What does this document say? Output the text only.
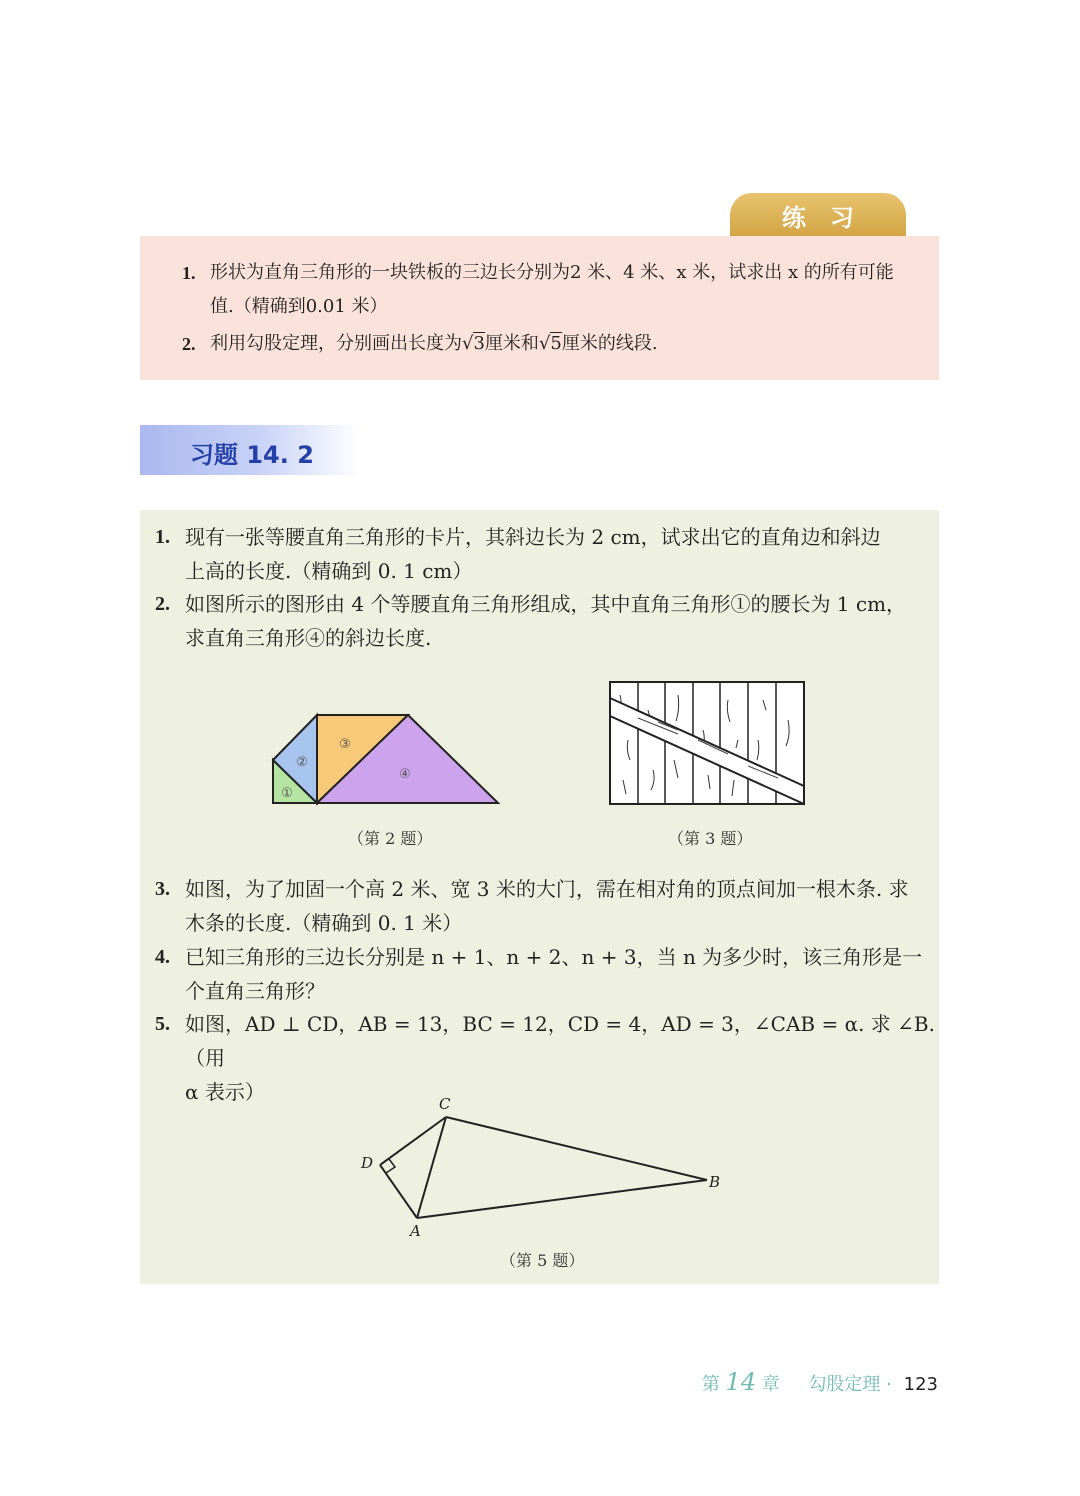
练习
1. 形状为直角三角形的一块铁板的三边长分别为2 米、4 米、x 米，试求出 x 的所有可能值.（精确到0.01 米）
2. 利用勾股定理，分别画出长度为√3厘米和√5厘米的线段.
习题 14. 2
1. 现有一张等腰直角三角形的卡片，其斜边长为 2 cm，试求出它的直角边和斜边
上高的长度.（精确到 0. 1 cm）
2. 如图所示的图形由 4 个等腰直角三角形组成，其中直角三角形①的腰长为 1 cm，
求直角三角形④的斜边长度.
①
②
③
④
（第 2 题）	（第 3 题）
3. 如图，为了加固一个高 2 米、宽 3 米的大门，需在相对角的顶点间加一根木条. 求
木条的长度.（精确到 0. 1 米）
4. 已知三角形的三边长分别是 n + 1、n + 2、n + 3，当 n 为多少时，该三角形是一
个直角三角形？
5. 如图，AD ⊥ CD，AB = 13，BC = 12，CD = 4，AD = 3，∠CAB = α. 求 ∠B.（用
α 表示）	C
D
A
B
（第 5 题）
第 14 章 勾股定理 · 123
